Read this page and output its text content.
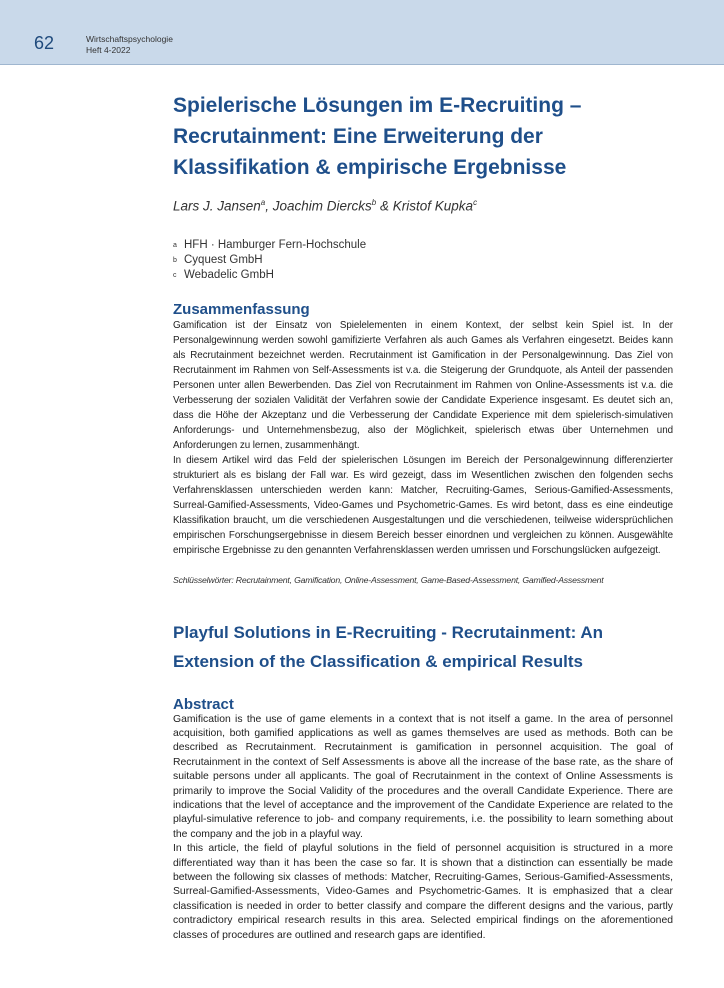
62	Wirtschaftspsychologie
Heft 4-2022
Spielerische Lösungen im E-Recruiting – Recrutainment: Eine Erweiterung der Klassifikation & empirische Ergebnisse
Lars J. Jansen$^a$, Joachim Diercks$^b$ & Kristof Kupka$^c$
a HFH · Hamburger Fern-Hochschule
b Cyquest GmbH
c Webadelic GmbH
Zusammenfassung

Gamification ist der Einsatz von Spielelementen in einem Kontext, der selbst kein Spiel ist. In der Personalgewinnung werden sowohl gamifizierte Verfahren als auch Games als Verfahren eingesetzt. Beides kann als Recrutainment bezeichnet werden. Recrutainment ist Gamification in der Personalgewinnung. Das Ziel von Recrutainment im Rahmen von Self-Assessments ist v.a. die Steigerung der Grundquote, als Anteil der passenden Personen unter allen Bewerbenden. Das Ziel von Recrutainment im Rahmen von Online-Assessments ist v.a. die Verbesserung der sozialen Validität der Verfahren sowie der Candidate Experience insgesamt. Es deutet sich an, dass die Höhe der Akzeptanz und die Verbesserung der Candidate Experience mit dem spielerisch-simulativen Anforderungs- und Unternehmensbezug, also der Möglichkeit, spielerisch etwas über Unternehmen und Anforderungen zu lernen, zusammenhängt.

In diesem Artikel wird das Feld der spielerischen Lösungen im Bereich der Personalgewinnung differenzierter strukturiert als es bislang der Fall war. Es wird gezeigt, dass im Wesentlichen zwischen den folgenden sechs Verfahrensklassen unterschieden werden kann: Matcher, Recruiting-Games, Serious-Gamified-Assessments, Surreal-Gamified-Assessments, Video-Games und Psychometric-Games. Es wird betont, dass es eine eindeutige Klassifikation braucht, um die verschiedenen Ausgestaltungen und die verschiedenen, teilweise widersprüchlichen empirischen Forschungsergebnisse in diesem Bereich besser einordnen und vergleichen zu können. Ausgewählte empirische Ergebnisse zu den genannten Verfahrensklassen werden umrissen und Forschungslücken aufgezeigt.

Schlüsselwörter: Recrutainment, Gamification, Online-Assessment, Game-Based-Assessment, Gamified-Assessment
Playful Solutions in E-Recruiting - Recrutainment: An Extension of the Classification & empirical Results
Abstract

Gamification is the use of game elements in a context that is not itself a game. In the area of personnel acquisition, both gamified applications as well as games themselves are used as methods. Both can be described as Recrutainment. Recrutainment is gamification in personnel acquisition. The goal of Recrutainment in the context of Self Assessments is above all the increase of the base rate, as the share of suitable persons under all applicants. The goal of Recrutainment in the context of Online Assessments is primarily to improve the Social Validity of the procedures and the overall Candidate Experience. There are indications that the level of acceptance and the improvement of the Candidate Experience are related to the playful-simulative reference to job- and company requirements, i.e. the possibility to learn something about the company and the job in a playful way.

In this article, the field of playful solutions in the field of personnel acquisition is structured in a more differentiated way than it has been the case so far. It is shown that a distinction can essentially be made between the following six classes of methods: Matcher, Recruiting-Games, Serious-Gamified-Assessments, Surreal-Gamified-Assessments, Video-Games and Psychometric-Games. It is emphasized that a clear classification is needed in order to better classify and compare the different designs and the various, partly contradictory empirical research results in this area. Selected empirical findings on the aforementioned classes of procedures are outlined and research gaps are identified.
